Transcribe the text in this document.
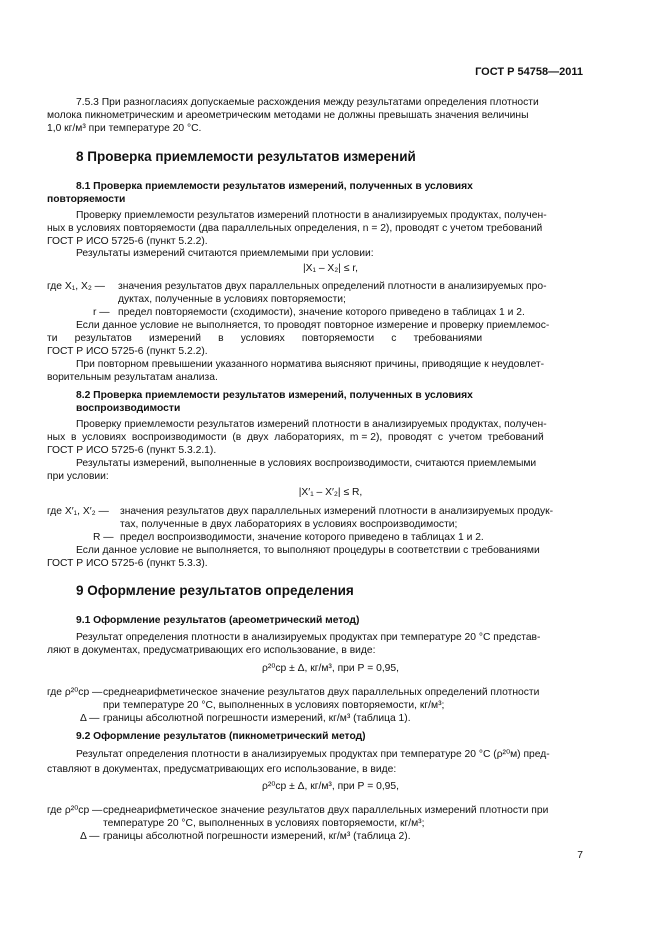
ГОСТ Р 54758—2011
7.5.3 При разногласиях допускаемые расхождения между результатами определения плотности
молока пикнометрическим и ареометрическим методами не должны превышать значения величины
1,0 кг/м³ при температуре 20 °С.
8 Проверка приемлемости результатов измерений
8.1 Проверка приемлемости результатов измерений, полученных в условиях
повторяемости
Проверку приемлемости результатов измерений плотности в анализируемых продуктах, получен-
ных в условиях повторяемости (два параллельных определения, n = 2), проводят с учетом требований
ГОСТ Р ИСО 5725-6 (пункт 5.2.2).
Результаты измерений считаются приемлемыми при условии:
|X₁ – X₂| ≤ r,
где X₁, X₂ — значения результатов двух параллельных определений плотности в анализируемых про-
дуктах, полученные в условиях повторяемости;
r — предел повторяемости (сходимости), значение которого приведено в таблицах 1 и 2.
Если данное условие не выполняется, то проводят повторное измерение и проверку приемлемос-
ти      результатов      измерений      в      условиях      повторяемости      с      требованиями
ГОСТ Р ИСО 5725-6 (пункт 5.2.2).
При повторном превышении указанного норматива выясняют причины, приводящие к неудовлет-
ворительным результатам анализа.
8.2 Проверка приемлемости результатов измерений, полученных в условиях
воспроизводимости
Проверку приемлемости результатов измерений плотности в анализируемых продуктах, получен-
ных  в  условиях  воспроизводимости  (в  двух  лабораториях,  m = 2),  проводят  с  учетом  требований
ГОСТ Р ИСО 5725-6 (пункт 5.3.2.1).
Результаты измерений, выполненные в условиях воспроизводимости, считаются приемлемыми
при условии:
|X′₁ – X′₂| ≤ R,
где X′₁, X′₂ — значения результатов двух параллельных измерений плотности в анализируемых продук-
тах, полученные в двух лабораториях в условиях воспроизводимости;
R — предел воспроизводимости, значение которого приведено в таблицах 1 и 2.
Если данное условие не выполняется, то выполняют процедуры в соответствии с требованиями
ГОСТ Р ИСО 5725-6 (пункт 5.3.3).
9 Оформление результатов определения
9.1 Оформление результатов (ареометрический метод)
Результат определения плотности в анализируемых продуктах при температуре 20 °С представ-
ляют в документах, предусматривающих его использование, в виде:
ρ²⁰ср ± Δ, кг/м³, при Р = 0,95,
где ρ²⁰ср — среднеарифметическое значение результатов двух параллельных определений плотности
при температуре 20 °С, выполненных в условиях повторяемости, кг/м³;
Δ — границы абсолютной погрешности измерений, кг/м³ (таблица 1).
9.2 Оформление результатов (пикнометрический метод)
Результат определения плотности в анализируемых продуктах при температуре 20 °С (ρ²⁰м) пред-
ставляют в документах, предусматривающих его использование, в виде:
ρ²⁰ср ± Δ, кг/м³, при Р = 0,95,
где ρ²⁰ср — среднеарифметическое значение результатов двух параллельных измерений плотности при
температуре 20 °С, выполненных в условиях повторяемости, кг/м³;
Δ — границы абсолютной погрешности измерений, кг/м³ (таблица 2).
7
